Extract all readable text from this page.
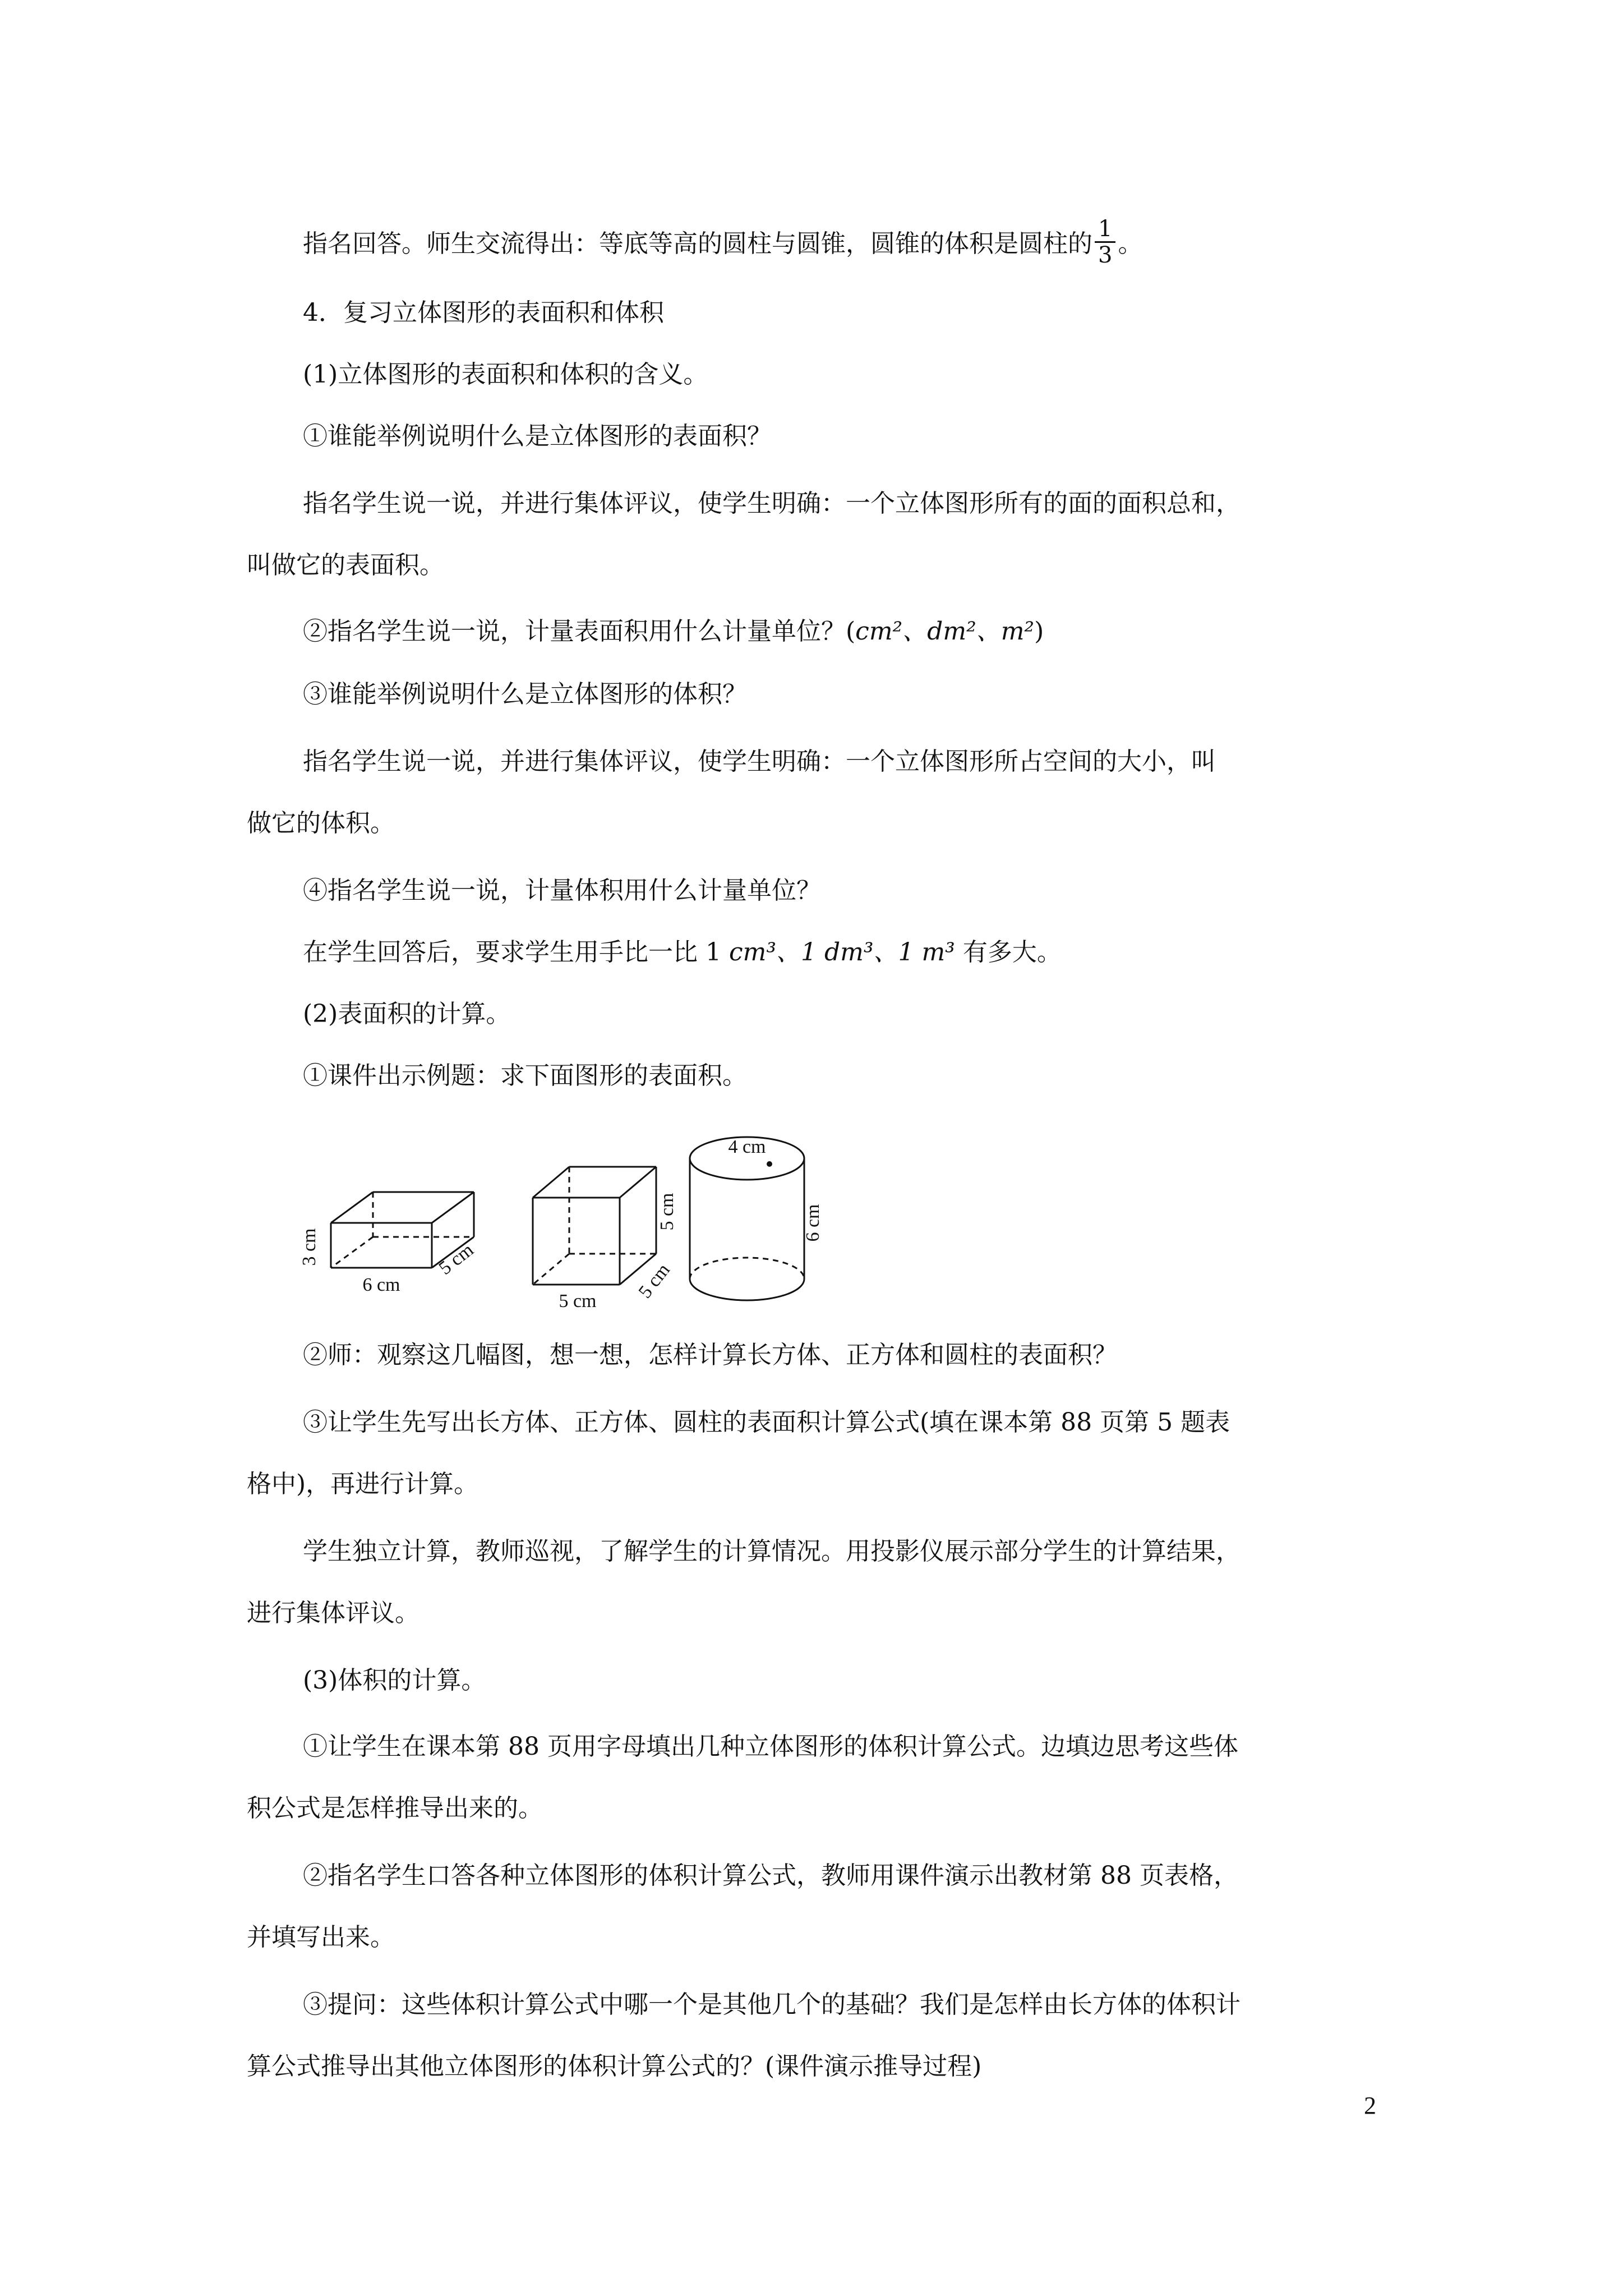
指名回答。师生交流得出：等底等高的圆柱与圆锥，圆锥的体积是圆柱的 $\frac{1}{3}$ 。
4．复习立体图形的表面积和体积
(1)立体图形的表面积和体积的含义。
①谁能举例说明什么是立体图形的表面积？
指名学生说一说，并进行集体评议，使学生明确：一个立体图形所有的面的面积总和，
叫做它的表面积。
②指名学生说一说，计量表面积用什么计量单位？(cm²、dm²、m²)
③谁能举例说明什么是立体图形的体积？
指名学生说一说，并进行集体评议，使学生明确：一个立体图形所占空间的大小，叫
做它的体积。
④指名学生说一说，计量体积用什么计量单位？
在学生回答后，要求学生用手比一比 1 cm³、1 dm³、1 m³ 有多大。
(2)表面积的计算。
①课件出示例题：求下面图形的表面积。
3 cm
6 cm
5 cm
5 cm
5 cm 5 cm
4 cm
6 cm
②师：观察这几幅图，想一想，怎样计算长方体、正方体和圆柱的表面积？
③让学生先写出长方体、正方体、圆柱的表面积计算公式(填在课本第 88 页第 5 题表
格中)，再进行计算。
学生独立计算，教师巡视，了解学生的计算情况。用投影仪展示部分学生的计算结果，
进行集体评议。
(3)体积的计算。
①让学生在课本第 88 页用字母填出几种立体图形的体积计算公式。边填边思考这些体
积公式是怎样推导出来的。
②指名学生口答各种立体图形的体积计算公式，教师用课件演示出教材第 88 页表格，
并填写出来。
③提问：这些体积计算公式中哪一个是其他几个的基础？我们是怎样由长方体的体积计
算公式推导出其他立体图形的体积计算公式的？(课件演示推导过程)
2
